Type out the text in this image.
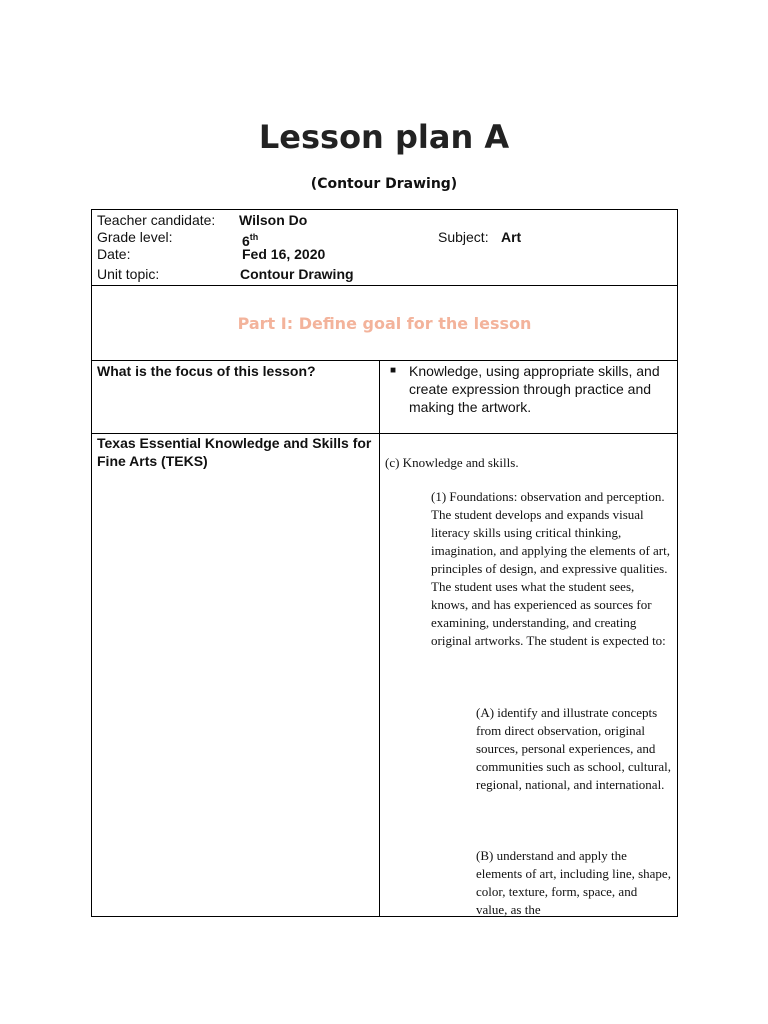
Lesson plan A
(Contour Drawing)
Teacher candidate: Wilson Do
Grade level:	6th	Subject: Art
Date:	Fed 16, 2020
Unit topic:	Contour Drawing
Part I: Define goal for the lesson
What is the focus of this lesson?	■ Knowledge, using appropriate skills, and create expression through practice and making the artwork.
Texas Essential Knowledge and Skills for Fine Arts (TEKS)	(c) Knowledge and skills.
(1) Foundations: observation and perception. The student develops and expands visual literacy skills using critical thinking, imagination, and applying the elements of art, principles of design, and expressive qualities. The student uses what the student sees, knows, and has experienced as sources for examining, understanding, and creating original artworks. The student is expected to:
(A) identify and illustrate concepts from direct observation, original sources, personal experiences, and communities such as school, cultural, regional, national, and international.
(B) understand and apply the elements of art, including line, shape, color, texture, form, space, and value, as the
